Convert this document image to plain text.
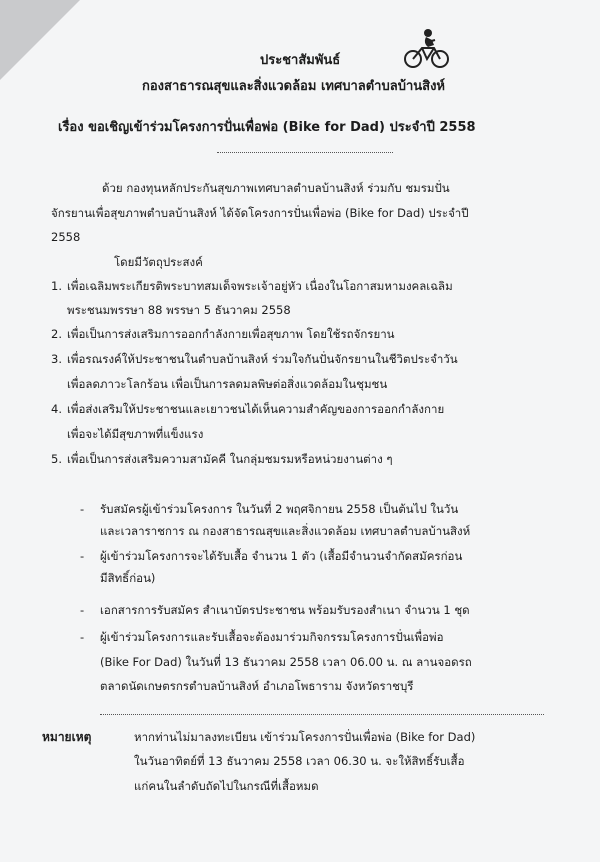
ประชาสัมพันธ์
กองสาธารณสุขและสิ่งแวดล้อม เทศบาลตำบลบ้านสิงห์
เรื่อง ขอเชิญเข้าร่วมโครงการปั่นเพื่อพ่อ (Bike for Dad) ประจำปี 2558
ด้วย กองทุนหลักประกันสุขภาพเทศบาลตำบลบ้านสิงห์ ร่วมกับ ชมรมปั่น
จักรยานเพื่อสุขภาพตำบลบ้านสิงห์ ได้จัดโครงการปั่นเพื่อพ่อ (Bike for Dad) ประจำปี
2558
โดยมีวัตถุประสงค์
1. เพื่อเฉลิมพระเกียรติพระบาทสมเด็จพระเจ้าอยู่หัว เนื่องในโอกาสมหามงคลเฉลิม
พระชนมพรรษา 88 พรรษา 5 ธันวาคม 2558
2. เพื่อเป็นการส่งเสริมการออกกำลังกายเพื่อสุขภาพ โดยใช้รถจักรยาน
3. เพื่อรณรงค์ให้ประชาชนในตำบลบ้านสิงห์ ร่วมใจกันปั่นจักรยานในชีวิตประจำวัน
เพื่อลดภาวะโลกร้อน เพื่อเป็นการลดมลพิษต่อสิ่งแวดล้อมในชุมชน
4. เพื่อส่งเสริมให้ประชาชนและเยาวชนได้เห็นความสำคัญของการออกกำลังกาย
เพื่อจะได้มีสุขภาพที่แข็งแรง
5. เพื่อเป็นการส่งเสริมความสามัคคี ในกลุ่มชมรมหรือหน่วยงานต่าง ๆ
- รับสมัครผู้เข้าร่วมโครงการ ในวันที่ 2 พฤศจิกายน 2558 เป็นต้นไป ในวัน
และเวลาราชการ ณ กองสาธารณสุขและสิ่งแวดล้อม เทศบาลตำบลบ้านสิงห์
- ผู้เข้าร่วมโครงการจะได้รับเสื้อ จำนวน 1 ตัว (เสื้อมีจำนวนจำกัดสมัครก่อน
มีสิทธิ์ก่อน)
- เอกสารการรับสมัคร สำเนาบัตรประชาชน พร้อมรับรองสำเนา จำนวน 1 ชุด
- ผู้เข้าร่วมโครงการและรับเสื้อจะต้องมาร่วมกิจกรรมโครงการปั่นเพื่อพ่อ
(Bike For Dad) ในวันที่ 13 ธันวาคม 2558 เวลา 06.00 น. ณ ลานจอดรถ
ตลาดนัดเกษตรกรตำบลบ้านสิงห์ อำเภอโพธาราม จังหวัดราชบุรี
หมายเหตุ	หากท่านไม่มาลงทะเบียน เข้าร่วมโครงการปั่นเพื่อพ่อ (Bike for Dad)
ในวันอาทิตย์ที่ 13 ธันวาคม 2558 เวลา 06.30 น. จะให้สิทธิ์รับเสื้อ
แก่คนในลำดับถัดไปในกรณีที่เสื้อหมด
